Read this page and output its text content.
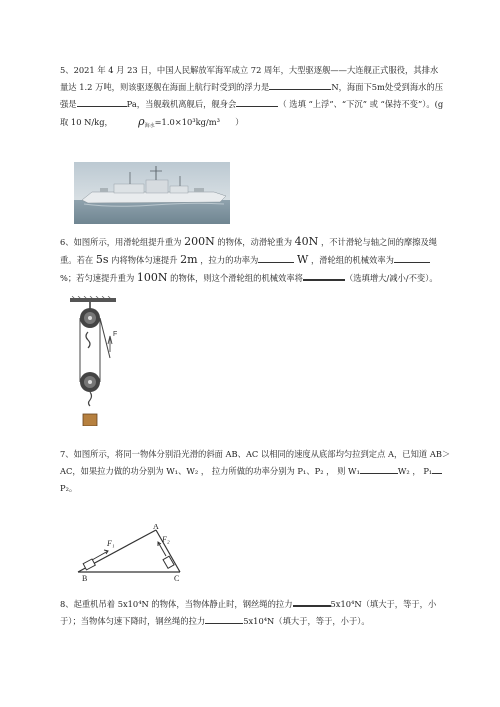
5、2021 年 4 月 23 日，中国人民解放军海军成立 72 周年，大型驱逐舰——大连舰正式服役，其排水
量达 1.2 万吨，则该驱逐舰在海面上航行时受到的浮力是	N，海面下5m处受到海水的压
强是	Pa，当舰载机离舰后，舰身会	（ 选填 “上浮”、“下沉” 或 “保持不变”）。(g
取 10 N/kg， $\rho_{海水}=1.0\times 10^3kg/m^3$ ）
6、如图所示，用滑轮组提升重为 200N 的物体，动滑轮重为 40N ，不计滑轮与轴之间的摩擦及绳
重。若在 5s 内将物体匀速提升 2m ，拉力的功率为	W ，滑轮组的机械效率为
%；若匀速提升重为 100N 的物体，则这个滑轮组的机械效率将	（选填增大/减小/不变）。
F
7、如图所示，将同一物体分别沿光滑的斜面 AB、AC 以相同的速度从底部均匀拉到定点 A，已知道 AB＞
AC，如果拉力做的功分别为 W₁、W₂ ， 拉力所做的功率分别为 P₁、P₂ ， 则 W₁	W₂ ， P₁
P₂。
A
B	C
F₁	F₂
8、起重机吊着 5x10⁴N 的物体，当物体静止时，钢丝绳的拉力	5x10⁴N（填大于，等于，小
于）；当物体匀速下降时，钢丝绳的拉力	5x10⁴N（填大于，等于，小于）。
